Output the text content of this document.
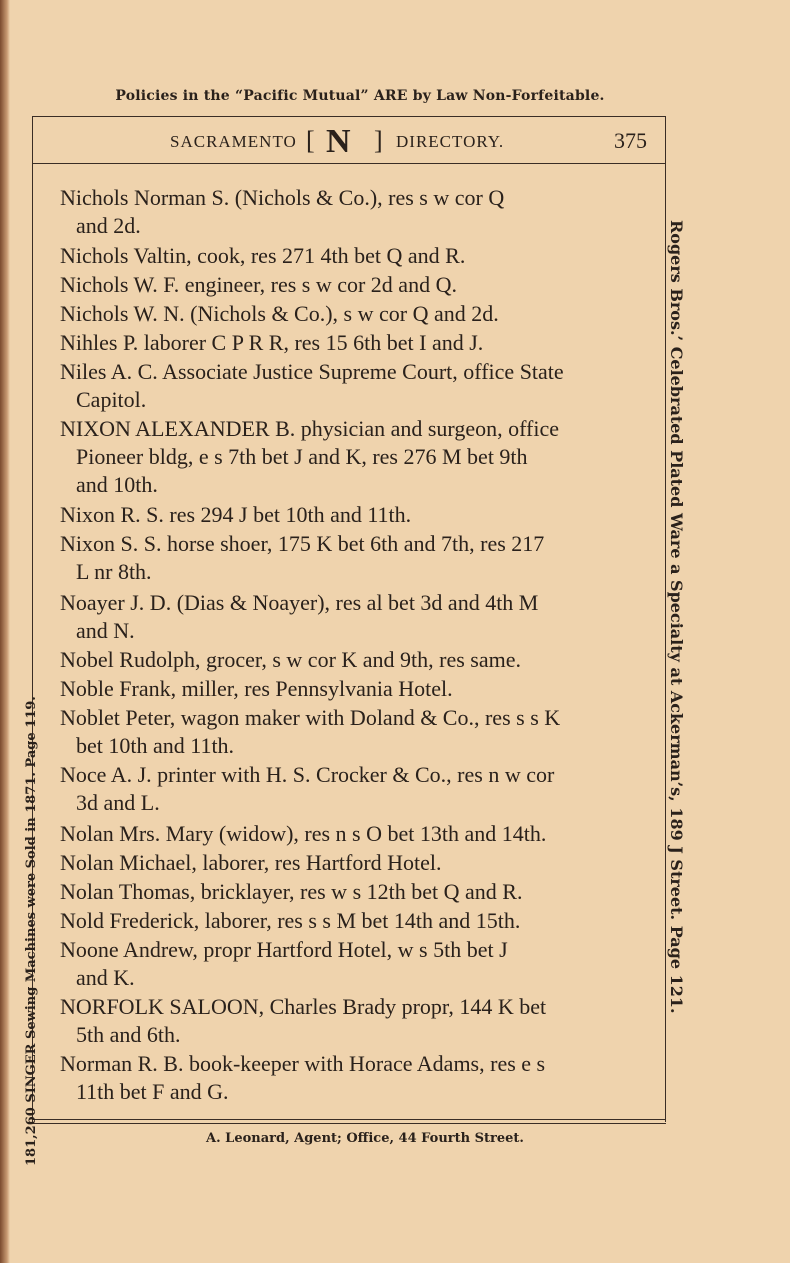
Policies in the “Pacific Mutual” ARE by Law Non-Forfeitable.
SACRAMENTO [ N ] DIRECTORY.	375
Nichols Norman S. (Nichols & Co.), res s w cor Q
and 2d.
Nichols Valtin, cook, res 271 4th bet Q and R.
Nichols W. F. engineer, res s w cor 2d and Q.
Nichols W. N. (Nichols & Co.), s w cor Q and 2d.
Nihles P. laborer C P R R, res 15 6th bet I and J.
Niles A. C. Associate Justice Supreme Court, office State
Capitol.
NIXON ALEXANDER B. physician and surgeon, office
Pioneer bldg, e s 7th bet J and K, res 276 M bet 9th
and 10th.
Nixon R. S. res 294 J bet 10th and 11th.
Nixon S. S. horse shoer, 175 K bet 6th and 7th, res 217
L nr 8th.
Noayer J. D. (Dias & Noayer), res al bet 3d and 4th M
and N.
Nobel Rudolph, grocer, s w cor K and 9th, res same.
Noble Frank, miller, res Pennsylvania Hotel.
Noblet Peter, wagon maker with Doland & Co., res s s K
bet 10th and 11th.
Noce A. J. printer with H. S. Crocker & Co., res n w cor
3d and L.
Nolan Mrs. Mary (widow), res n s O bet 13th and 14th.
Nolan Michael, laborer, res Hartford Hotel.
Nolan Thomas, bricklayer, res w s 12th bet Q and R.
Nold Frederick, laborer, res s s M bet 14th and 15th.
Noone Andrew, propr Hartford Hotel, w s 5th bet J
and K.
NORFOLK SALOON, Charles Brady propr, 144 K bet
5th and 6th.
Norman R. B. book-keeper with Horace Adams, res e s
11th bet F and G.
181,260 SINGER Sewing Machines were Sold in 1871. Page 119.	Rogers Bros.’ Celebrated Plated Ware a Specialty at Ackerman’s, 189 J Street. Page 121.
A. Leonard, Agent; Office, 44 Fourth Street.
